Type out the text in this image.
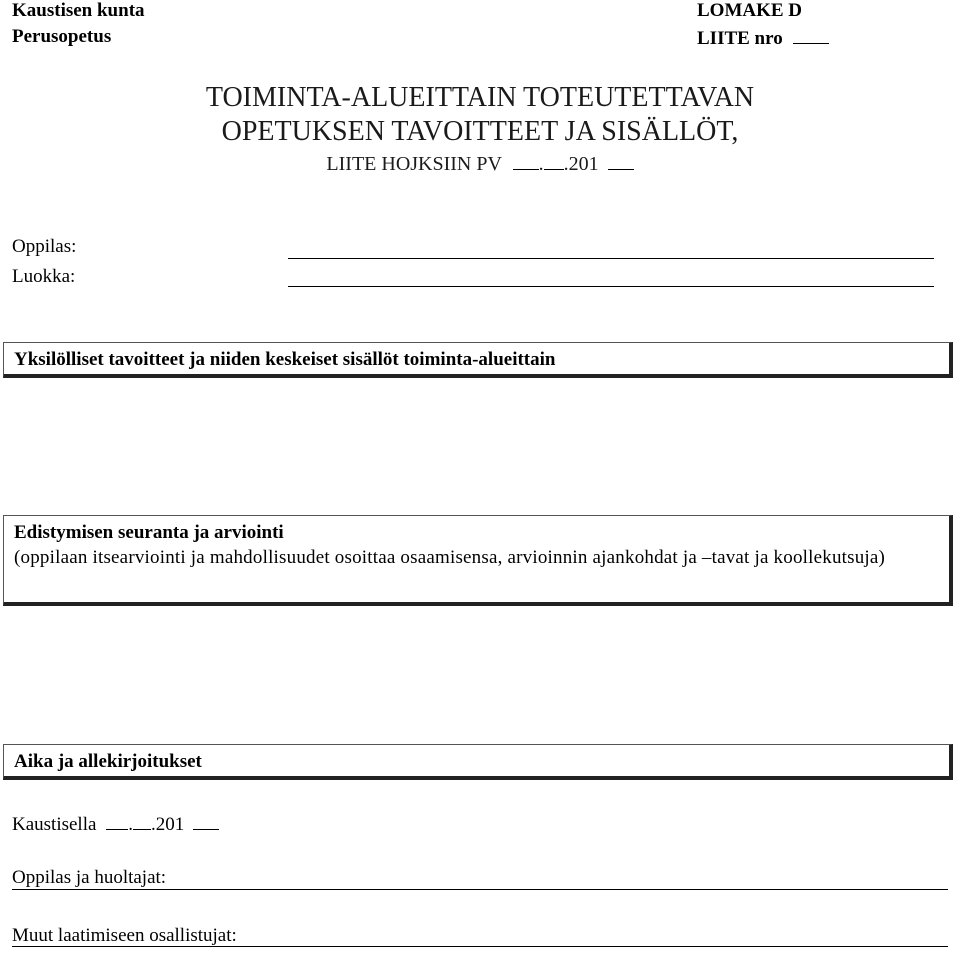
Kaustisen kunta
Perusopetus
LOMAKE D
LIITE nro
TOIMINTA-ALUEITTAIN TOTEUTETTAVAN
OPETUKSEN TAVOITTEET JA SISÄLLÖT,
LIITE HOJKSIIN PV . .201
Oppilas:
Luokka:
Yksilölliset tavoitteet ja niiden keskeiset sisällöt toiminta-alueittain
Edistymisen seuranta ja arviointi
(oppilaan itsearviointi ja mahdollisuudet osoittaa osaamisensa, arvioinnin ajankohdat ja –tavat ja koollekutsuja)
Aika ja allekirjoitukset
Kaustisella . .201
Oppilas ja huoltajat:
Muut laatimiseen osallistujat:
